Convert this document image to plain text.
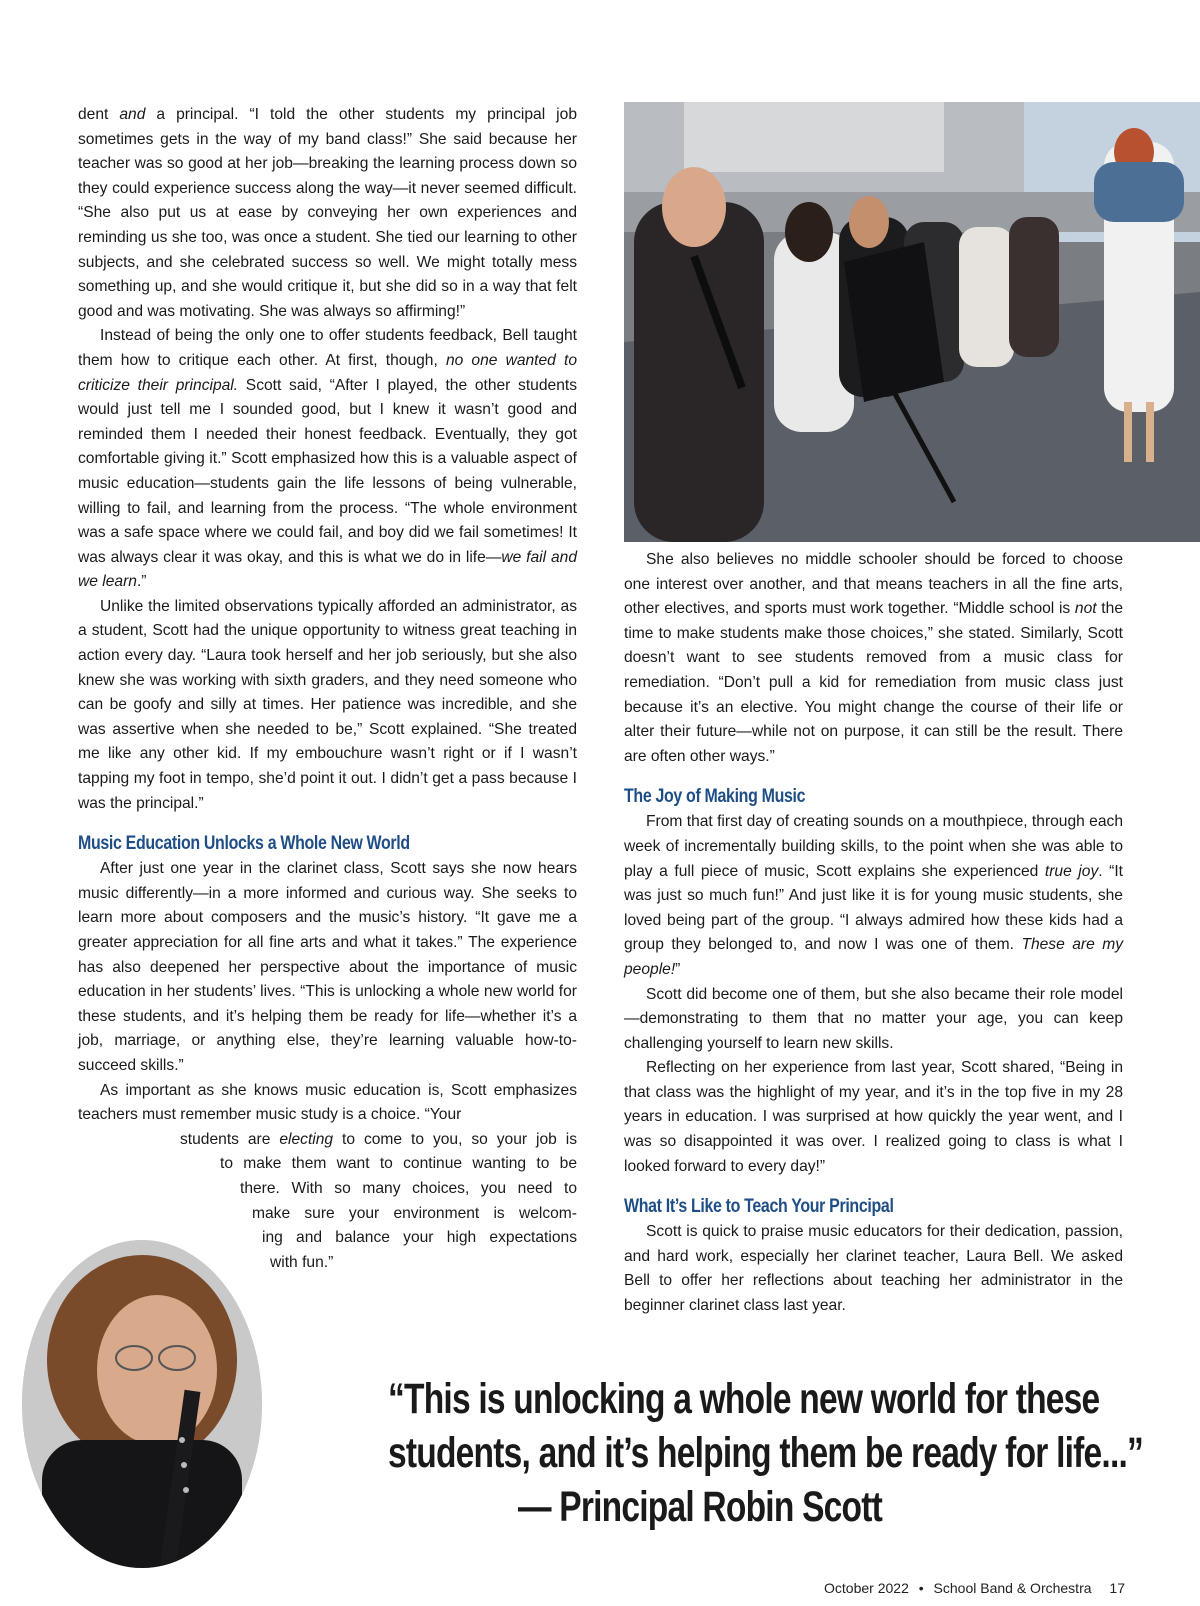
dent and a principal. “I told the other students my principal job sometimes gets in the way of my band class!” She said because her teacher was so good at her job—breaking the learning process down so they could experience success along the way—it never seemed difficult. “She also put us at ease by conveying her own experiences and reminding us she too, was once a student. She tied our learning to other subjects, and she celebrated success so well. We might totally mess something up, and she would critique it, but she did so in a way that felt good and was motivating. She was always so affirming!”

Instead of being the only one to offer students feedback, Bell taught them how to critique each other. At first, though, no one wanted to criticize their principal. Scott said, “After I played, the other students would just tell me I sounded good, but I knew it wasn’t good and reminded them I needed their honest feedback. Eventually, they got comfortable giving it.” Scott emphasized how this is a valuable aspect of music education—students gain the life lessons of being vulnerable, willing to fail, and learning from the process. “The whole environment was a safe space where we could fail, and boy did we fail sometimes! It was always clear it was okay, and this is what we do in life—we fail and we learn.”

Unlike the limited observations typically afforded an administrator, as a student, Scott had the unique opportunity to witness great teaching in action every day. “Laura took herself and her job seriously, but she also knew she was working with sixth graders, and they need someone who can be goofy and silly at times. Her patience was incredible, and she was assertive when she needed to be,” Scott explained. “She treated me like any other kid. If my embouchure wasn’t right or if I wasn’t tapping my foot in tempo, she’d point it out. I didn’t get a pass because I was the principal.”

Music Education Unlocks a Whole New World

After just one year in the clarinet class, Scott says she now hears music differently—in a more informed and curious way. She seeks to learn more about composers and the music’s history. “It gave me a greater appreciation for all fine arts and what it takes.” The experience has also deepened her perspective about the importance of music education in her students’ lives. “This is unlocking a whole new world for these students, and it’s helping them be ready for life—whether it’s a job, marriage, or anything else, they’re learning valuable how-to-succeed skills.”

As important as she knows music education is, Scott emphasizes teachers must remember music study is a choice. “Your

students are electing to come to you, so your job is
to make them want to continue wanting to be
there. With so many choices, you need to
make sure your environment is welcom-
ing and balance your high expectations
with fun.”

She also believes no middle schooler should be forced to choose one interest over another, and that means teachers in all the fine arts, other electives, and sports must work together. “Middle school is not the time to make students make those choices,” she stated. Similarly, Scott doesn’t want to see students removed from a music class for remediation. “Don’t pull a kid for remediation from music class just because it’s an elective. You might change the course of their life or alter their future—while not on purpose, it can still be the result. There are often other ways.”

The Joy of Making Music

From that first day of creating sounds on a mouthpiece, through each week of incrementally building skills, to the point when she was able to play a full piece of music, Scott explains she experienced true joy. “It was just so much fun!” And just like it is for young music students, she loved being part of the group. “I always admired how these kids had a group they belonged to, and now I was one of them. These are my people!”

Scott did become one of them, but she also became their role model—demonstrating to them that no matter your age, you can keep challenging yourself to learn new skills.

Reflecting on her experience from last year, Scott shared, “Being in that class was the highlight of my year, and it’s in the top five in my 28 years in education. I was surprised at how quickly the year went, and I was so disappointed it was over. I realized going to class is what I looked forward to every day!”

What It’s Like to Teach Your Principal

Scott is quick to praise music educators for their dedication, passion, and hard work, especially her clarinet teacher, Laura Bell. We asked Bell to offer her reflections about teaching her administrator in the beginner clarinet class last year.

“This is unlocking a whole new world for these
students, and it’s helping them be ready for life...”
— Principal Robin Scott
October 2022 • School Band & Orchestra 17
